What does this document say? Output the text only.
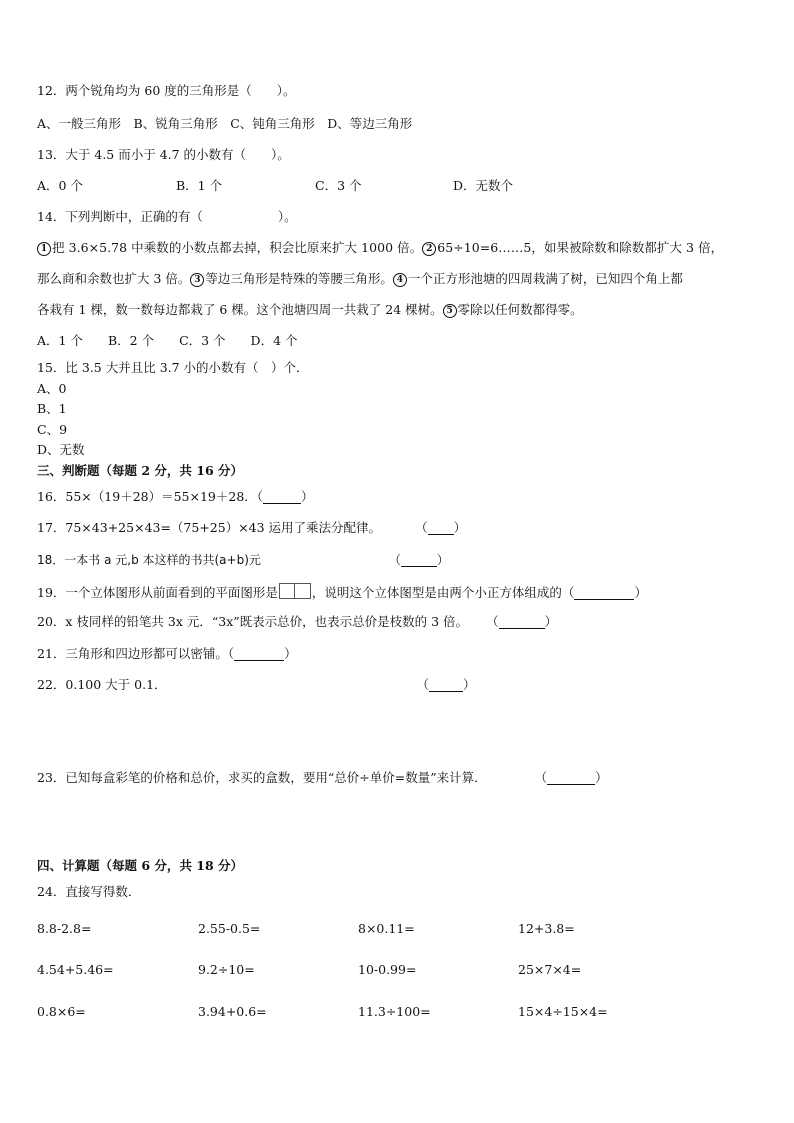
12．两个锐角均为 60 度的三角形是（　　）。
A、一般三角形　B、锐角三角形　C、钝角三角形　D、等边三角形
13．大于 4.5 而小于 4.7 的小数有（　　）。
A．0 个	B．1 个	C．3 个	D．无数个
14．下列判断中，正确的有（　　　　　　）。
1 把 3.6×5.78 中乘数的小数点都去掉，积会比原来扩大 1000 倍。 2 65÷10=6……5，如果被除数和除数都扩大 3 倍，
那么商和余数也扩大 3 倍。 3 等边三角形是特殊的等腰三角形。 4 一个正方形池塘的四周栽满了树，已知四个角上都
各栽有 1 棵，数一数每边都栽了 6 棵。这个池塘四周一共栽了 24 棵树。 5 零除以任何数都得零。
A．1 个　　B．2 个　　C．3 个　　D．4 个
15．比 3.5 大并且比 3.7 小的小数有（　）个．
A、0
B、1
C、9
D、无数
三、判断题（每题 2 分，共 16 分）
16．55×（19＋28）＝55×19＋28．（	）
17．75×43+25×43=（75+25）×43 运用了乘法分配律。	（ ）
18．一本书 a 元,b 本这样的书共(a+b)元	（	）
19．一个立体图形从前面看到的平面图形是	，说明这个立体图型是由两个小正方体组成的（	）
20．x 枝同样的铅笔共 3x 元．“3x”既表示总价，也表示总价是枝数的 3 倍。 （	）
21．三角形和四边形都可以密铺。（	）
22．0.100 大于 0.1．	（	）
23．已知每盒彩笔的价格和总价，求买的盒数，要用“总价÷单价=数量”来计算．	（	）
四、计算题（每题 6 分，共 18 分）
24．直接写得数．
8.8-2.8=	2.55-0.5=	8×0.11=	12+3.8=
4.54+5.46=	9.2÷10=	10-0.99=	25×7×4=
0.8×6=	3.94+0.6=	11.3÷100=	15×4÷15×4=
